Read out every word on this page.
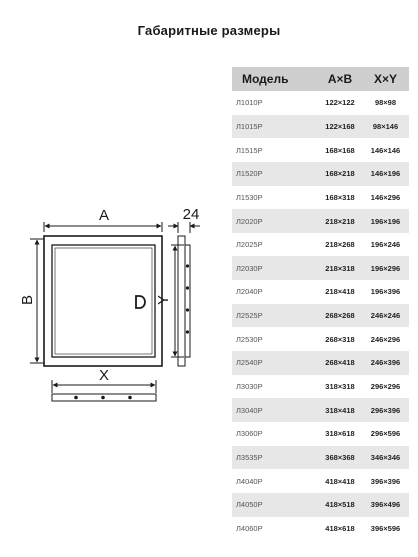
Габаритные размеры
A
B
X
Y
24
Модель	A×B	X×Y
Л1010Р	122×122	98×98
Л1015Р	122×168	98×146
Л1515Р	168×168	146×146
Л1520Р	168×218	146×196
Л1530Р	168×318	146×296
Л2020Р	218×218	196×196
Л2025Р	218×268	196×246
Л2030Р	218×318	196×296
Л2040Р	218×418	196×396
Л2525Р	268×268	246×246
Л2530Р	268×318	246×296
Л2540Р	268×418	246×396
Л3030Р	318×318	296×296
Л3040Р	318×418	296×396
Л3060Р	318×618	296×596
Л3535Р	368×368	346×346
Л4040Р	418×418	396×396
Л4050Р	418×518	396×496
Л4060Р	418×618	396×596
